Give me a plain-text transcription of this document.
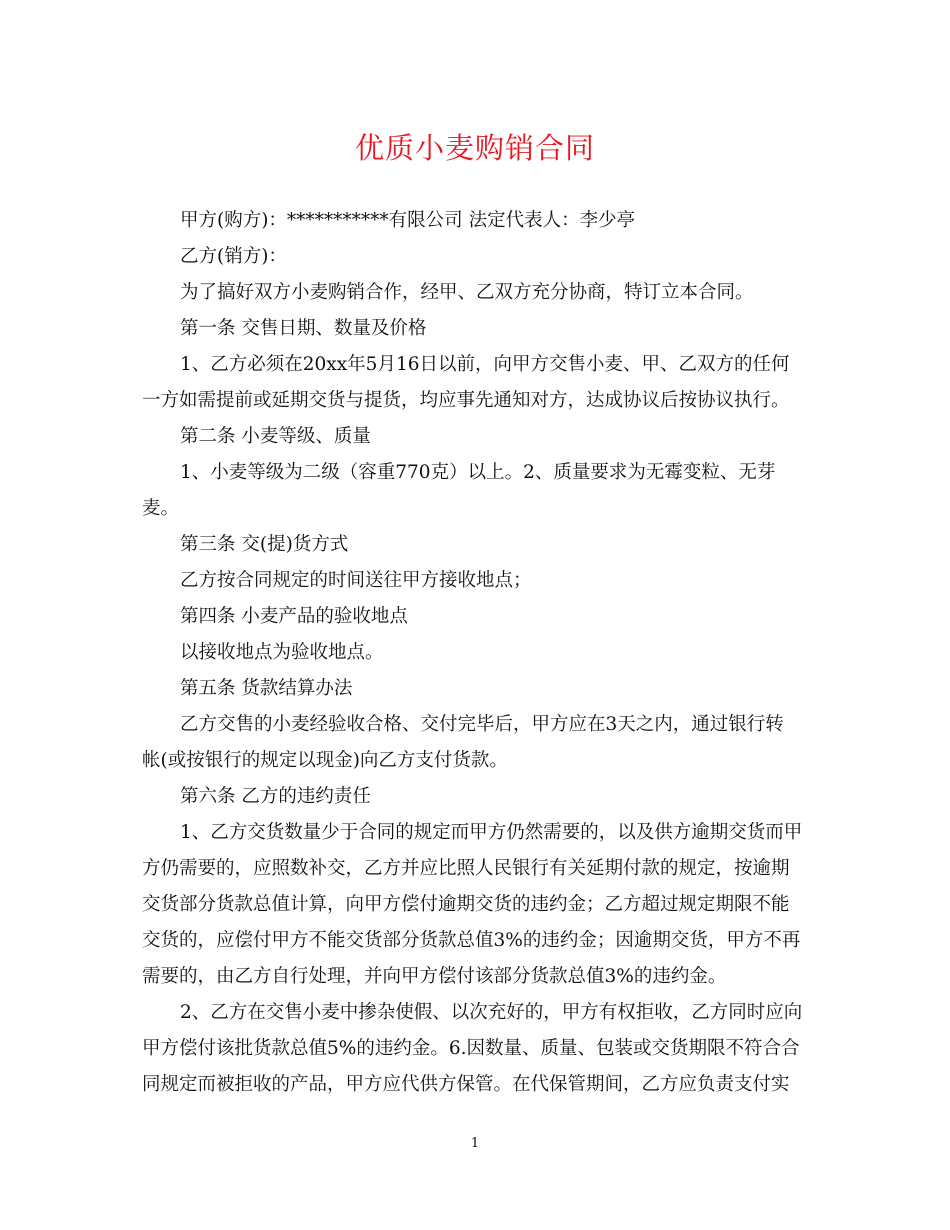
优质小麦购销合同

甲方(购方)：***********有限公司 法定代表人：李少亭

乙方(销方)：

为了搞好双方小麦购销合作，经甲、乙双方充分协商，特订立本合同。

第一条 交售日期、数量及价格

1、乙方必须在20xx年5月16日以前，向甲方交售小麦、甲、乙双方的任何

一方如需提前或延期交货与提货，均应事先通知对方，达成协议后按协议执行。

第二条 小麦等级、质量

1、小麦等级为二级（容重770克）以上。2、质量要求为无霉变粒、无芽

麦。

第三条 交(提)货方式

乙方按合同规定的时间送往甲方接收地点；

第四条 小麦产品的验收地点

以接收地点为验收地点。

第五条 货款结算办法

乙方交售的小麦经验收合格、交付完毕后，甲方应在3天之内，通过银行转

帐(或按银行的规定以现金)向乙方支付货款。

第六条 乙方的违约责任

1、乙方交货数量少于合同的规定而甲方仍然需要的，以及供方逾期交货而甲

方仍需要的，应照数补交，乙方并应比照人民银行有关延期付款的规定，按逾期

交货部分货款总值计算，向甲方偿付逾期交货的违约金；乙方超过规定期限不能

交货的，应偿付甲方不能交货部分货款总值3%的违约金；因逾期交货，甲方不再

需要的，由乙方自行处理，并向甲方偿付该部分货款总值3%的违约金。

2、乙方在交售小麦中掺杂使假、以次充好的，甲方有权拒收，乙方同时应向

甲方偿付该批货款总值5%的违约金。6.因数量、质量、包装或交货期限不符合合

同规定而被拒收的产品，甲方应代供方保管。在代保管期间，乙方应负责支付实

1
